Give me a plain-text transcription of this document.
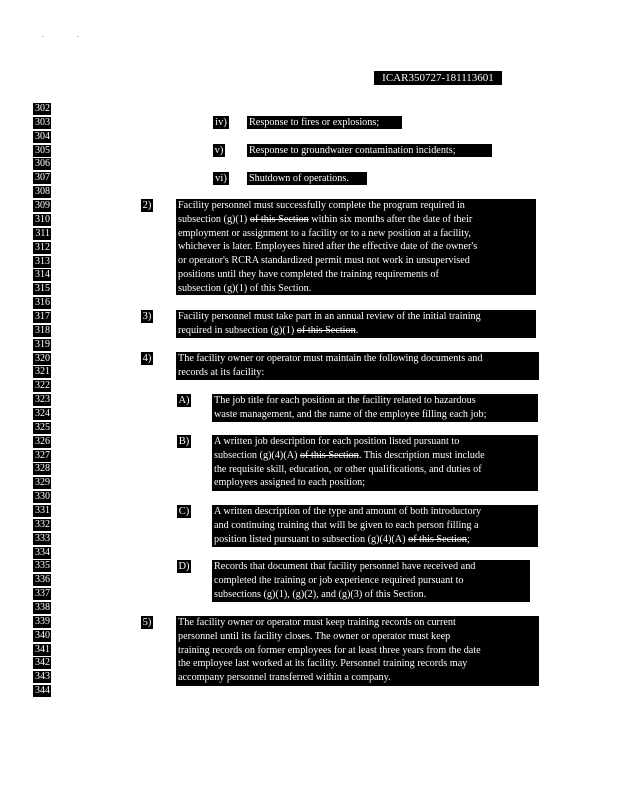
ICAR350727-181113601
302
303
304
305
306
307
308
309
310
311
312
313
314
315
316
317
318
319
320
321
322
323
324
325
326
327
328
329
330
331
332
333
334
335
336
337
338
339
340
341
342
343
344
iv) Response to fires or explosions;
v)	Response to groundwater contamination incidents;
vi) Shutdown of operations.
2)	Facility personnel must successfully complete the program required in
subsection (g)(1) of this Section within six months after the date of their
employment or assignment to a facility or to a new position at a facility,
whichever is later. Employees hired after the effective date of the owner's
or operator's RCRA standardized permit must not work in unsupervised
positions until they have completed the training requirements of
subsection (g)(1) of this Section.
3)	Facility personnel must take part in an annual review of the initial training
required in subsection (g)(1) of this Section.
4)	The facility owner or operator must maintain the following documents and
records at its facility:
A) The job title for each position at the facility related to hazardous
waste management, and the name of the employee filling each job;
B) A written job description for each position listed pursuant to
subsection (g)(4)(A) of this Section. This description must include
the requisite skill, education, or other qualifications, and duties of
employees assigned to each position;
C) A written description of the type and amount of both introductory
and continuing training that will be given to each person filling a
position listed pursuant to subsection (g)(4)(A) of this Section;
D) Records that document that facility personnel have received and
completed the training or job experience required pursuant to
subsections (g)(1), (g)(2), and (g)(3) of this Section.
5)	The facility owner or operator must keep training records on current
personnel until its facility closes. The owner or operator must keep
training records on former employees for at least three years from the date
the employee last worked at its facility. Personnel training records may
accompany personnel transferred within a company.
